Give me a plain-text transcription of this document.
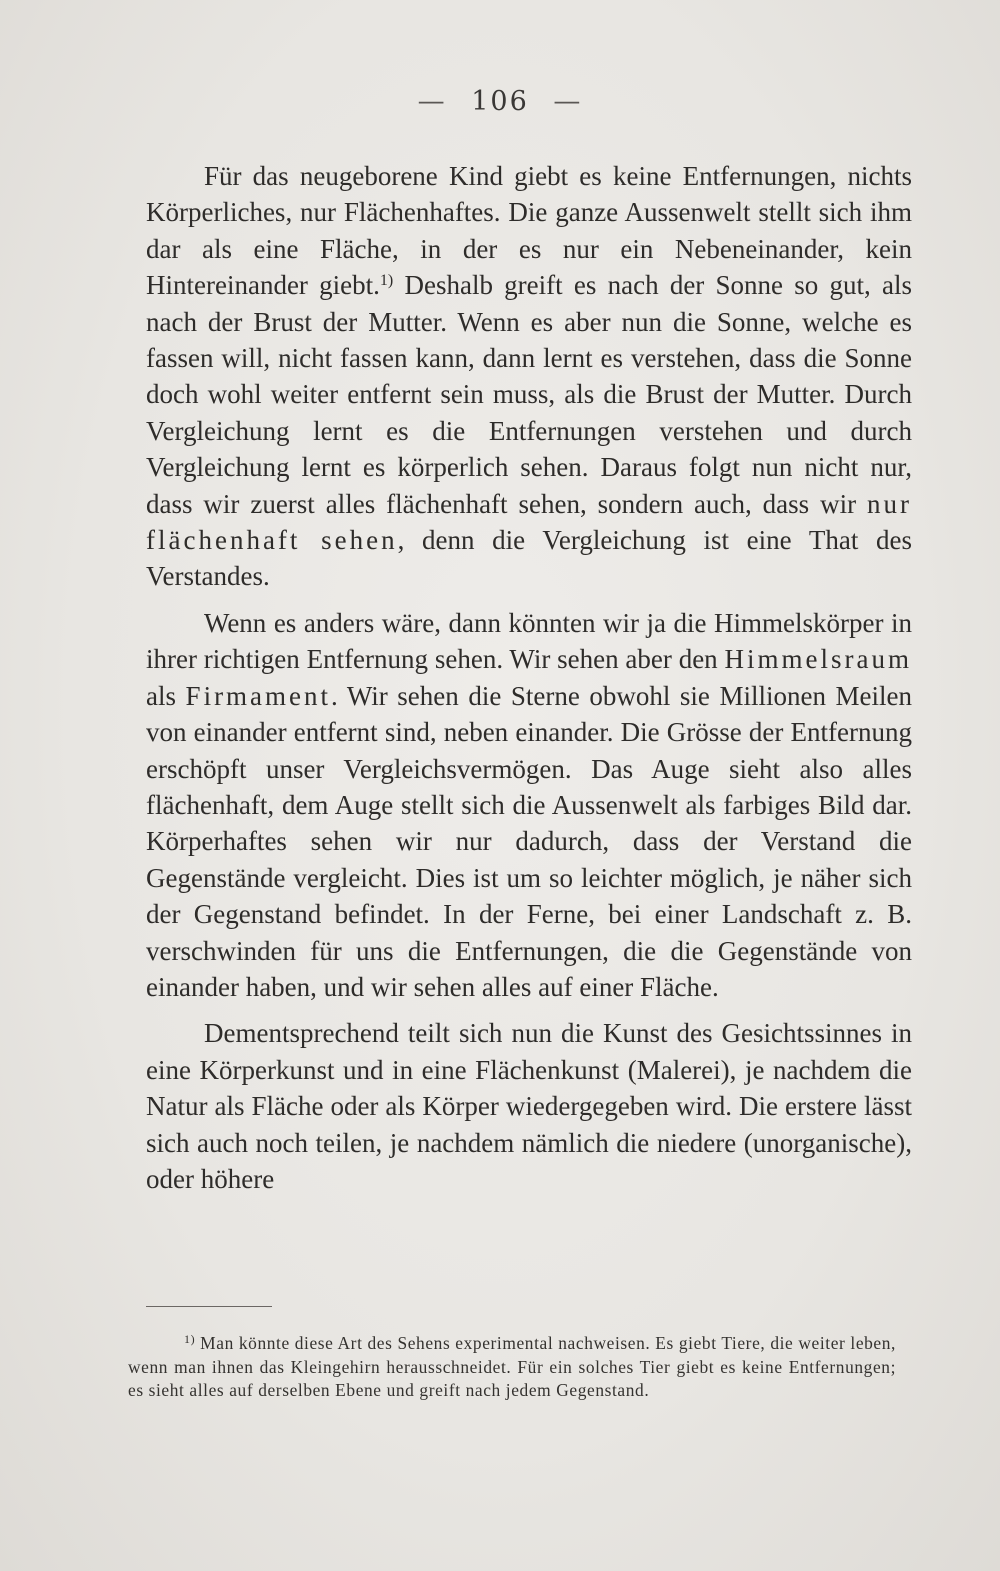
— 106 —

Für das neugeborene Kind giebt es keine Entfernungen, nichts Körperliches, nur Flächenhaftes. Die ganze Aussenwelt stellt sich ihm dar als eine Fläche, in der es nur ein Nebeneinander, kein Hintereinander giebt.$^{1)}$ Deshalb greift es nach der Sonne so gut, als nach der Brust der Mutter. Wenn es aber nun die Sonne, welche es fassen will, nicht fassen kann, dann lernt es verstehen, dass die Sonne doch wohl weiter entfernt sein muss, als die Brust der Mutter. Durch Vergleichung lernt es die Entfernungen verstehen und durch Vergleichung lernt es körperlich sehen. Daraus folgt nun nicht nur, dass wir zuerst alles flächenhaft sehen, sondern auch, dass wir nur flächenhaft sehen, denn die Vergleichung ist eine That des Verstandes.

Wenn es anders wäre, dann könnten wir ja die Himmelskörper in ihrer richtigen Entfernung sehen. Wir sehen aber den Himmelsraum als Firmament. Wir sehen die Sterne obwohl sie Millionen Meilen von einander entfernt sind, neben einander. Die Grösse der Entfernung erschöpft unser Vergleichsvermögen. Das Auge sieht also alles flächenhaft, dem Auge stellt sich die Aussenwelt als farbiges Bild dar. Körperhaftes sehen wir nur dadurch, dass der Verstand die Gegenstände vergleicht. Dies ist um so leichter möglich, je näher sich der Gegenstand befindet. In der Ferne, bei einer Landschaft z. B. verschwinden für uns die Entfernungen, die die Gegenstände von einander haben, und wir sehen alles auf einer Fläche.

Dementsprechend teilt sich nun die Kunst des Gesichtssinnes in eine Körperkunst und in eine Flächenkunst (Malerei), je nachdem die Natur als Fläche oder als Körper wiedergegeben wird. Die erstere lässt sich auch noch teilen, je nachdem nämlich die niedere (unorganische), oder höhere

$^{1)}$ Man könnte diese Art des Sehens experimental nachweisen. Es giebt Tiere, die weiter leben, wenn man ihnen das Kleingehirn herausschneidet. Für ein solches Tier giebt es keine Entfernungen; es sieht alles auf derselben Ebene und greift nach jedem Gegenstand.
